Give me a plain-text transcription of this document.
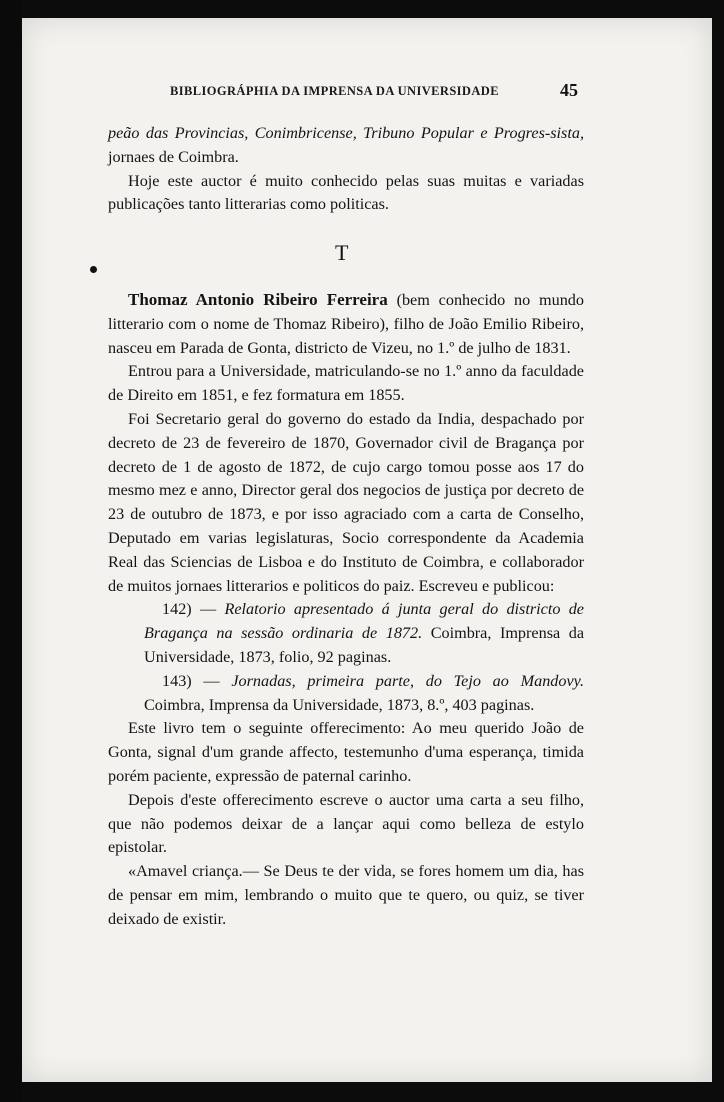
BIBLIOGRÁPHIA DA IMPRENSA DA UNIVERSIDADE	45

peão das Provincias, Conimbricense, Tribuno Popular e Progres-sista, jornaes de Coimbra.

Hoje este auctor é muito conhecido pelas suas muitas e variadas publicações tanto litterarias como politicas.

T

Thomaz Antonio Ribeiro Ferreira (bem conhecido no mundo litterario com o nome de Thomaz Ribeiro), filho de João Emilio Ribeiro, nasceu em Parada de Gonta, districto de Vizeu, no 1.º de julho de 1831.

Entrou para a Universidade, matriculando-se no 1.º anno da faculdade de Direito em 1851, e fez formatura em 1855.

Foi Secretario geral do governo do estado da India, despachado por decreto de 23 de fevereiro de 1870, Governador civil de Bragança por decreto de 1 de agosto de 1872, de cujo cargo tomou posse aos 17 do mesmo mez e anno, Director geral dos negocios de justiça por decreto de 23 de outubro de 1873, e por isso agraciado com a carta de Conselho, Deputado em varias legislaturas, Socio correspondente da Academia Real das Sciencias de Lisboa e do Instituto de Coimbra, e collaborador de muitos jornaes litterarios e politicos do paiz. Escreveu e publicou:

142) — Relatorio apresentado á junta geral do districto de Bragança na sessão ordinaria de 1872. Coimbra, Imprensa da Universidade, 1873, folio, 92 paginas.

143) — Jornadas, primeira parte, do Tejo ao Mandovy. Coimbra, Imprensa da Universidade, 1873, 8.º, 403 paginas.

Este livro tem o seguinte offerecimento: Ao meu querido João de Gonta, signal d'um grande affecto, testemunho d'uma esperança, timida porém paciente, expressão de paternal carinho.

Depois d'este offerecimento escreve o auctor uma carta a seu filho, que não podemos deixar de a lançar aqui como belleza de estylo epistolar.

«Amavel criança.— Se Deus te der vida, se fores homem um dia, has de pensar em mim, lembrando o muito que te quero, ou quiz, se tiver deixado de existir.
